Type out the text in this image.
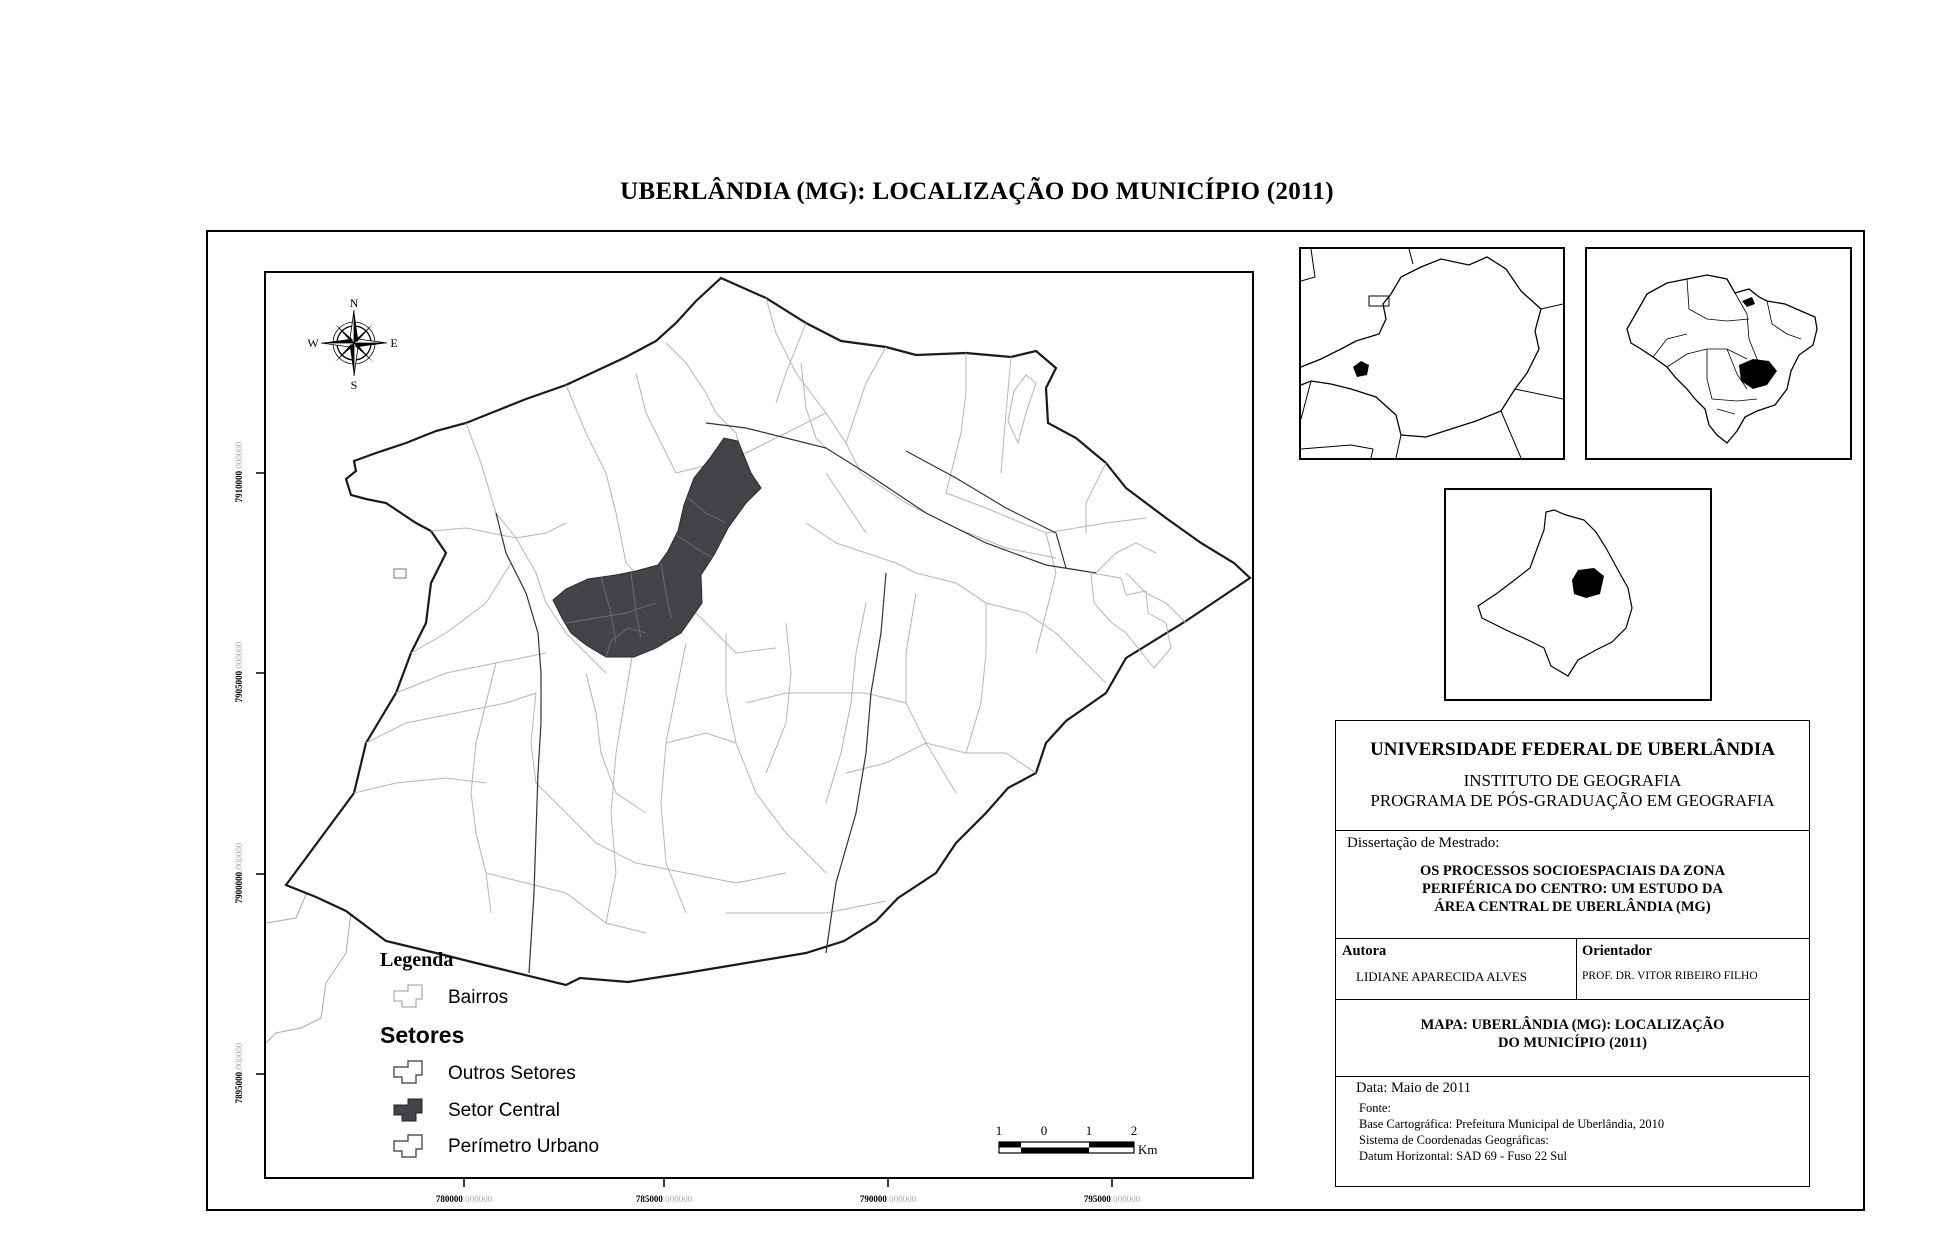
UBERLÂNDIA (MG): LOCALIZAÇÃO DO MUNICÍPIO (2011)
N
S
E
W
Legenda
Bairros
Setores
Outros Setores
Setor Central
Perímetro Urbano
1	0	1	2
Km
7910000.000000
7905000.000000
7900000.000000
7895000.000000
780000.000000	785000.000000	790000.000000	795000.000000
UNIVERSIDADE FEDERAL DE UBERLÂNDIA
INSTITUTO DE GEOGRAFIA
PROGRAMA DE PÓS-GRADUAÇÃO EM GEOGRAFIA
Dissertação de Mestrado:
OS PROCESSOS SOCIOESPACIAIS DA ZONA
PERIFÉRICA DO CENTRO: UM ESTUDO DA
ÁREA CENTRAL DE UBERLÂNDIA (MG)
Autora
LIDIANE APARECIDA ALVES
Orientador
PROF. DR. VITOR RIBEIRO FILHO
MAPA: UBERLÂNDIA (MG): LOCALIZAÇÃO
DO MUNICÍPIO (2011)
Data: Maio de 2011
Fonte:
Base Cartográfica: Prefeitura Municipal de Uberlândia, 2010
Sistema de Coordenadas Geográficas:
Datum Horizontal: SAD 69 - Fuso 22 Sul
